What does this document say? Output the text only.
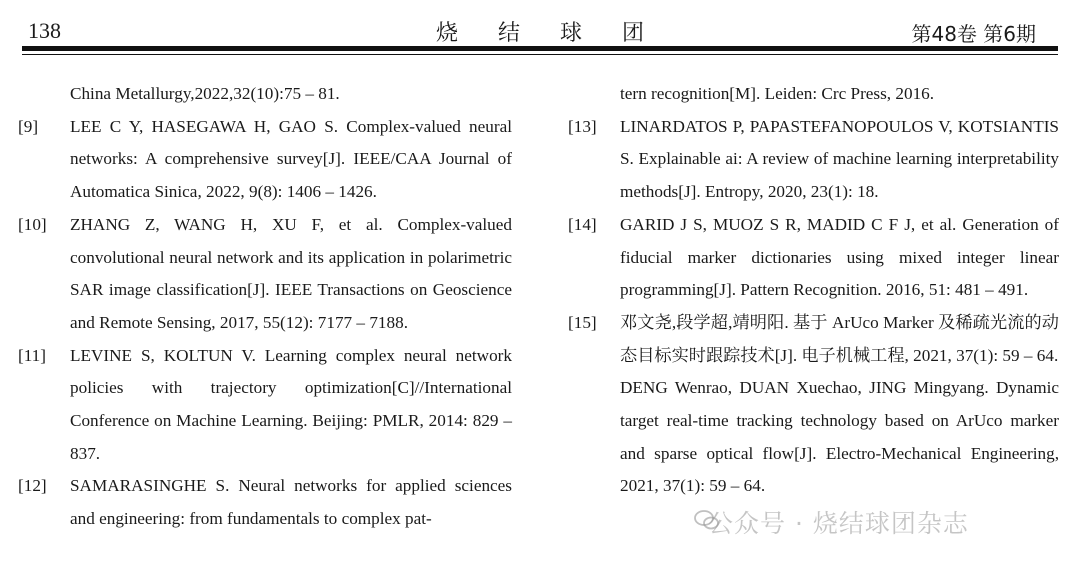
138	烧结球团	第48卷 第6期
China Metallurgy,2022,32(10):75 – 81.
[9] LEE C Y, HASEGAWA H, GAO S. Complex-valued neural networks: A comprehensive survey[J]. IEEE/CAA Journal of Automatica Sinica, 2022, 9(8): 1406 – 1426.
[10] ZHANG Z, WANG H, XU F, et al. Complex-valued convolutional neural network and its application in polarimetric SAR image classification[J]. IEEE Transactions on Geoscience and Remote Sensing, 2017, 55(12): 7177 – 7188.
[11] LEVINE S, KOLTUN V. Learning complex neural network policies with trajectory optimization[C]//International Conference on Machine Learning. Beijing: PMLR, 2014: 829 – 837.
[12] SAMARASINGHE S. Neural networks for applied sciences and engineering: from fundamentals to complex pat-
tern recognition[M]. Leiden: Crc Press, 2016.
[13] LINARDATOS P, PAPASTEFANOPOULOS V, KOTSIANTIS S. Explainable ai: A review of machine learning interpretability methods[J]. Entropy, 2020, 23(1): 18.
[14] GARID J S, MUOZ S R, MADID C F J, et al. Generation of fiducial marker dictionaries using mixed integer linear programming[J]. Pattern Recognition. 2016, 51: 481 – 491.
[15] 邓文尧,段学超,靖明阳. 基于 ArUco Marker 及稀疏光流的动态目标实时跟踪技术[J]. 电子机械工程, 2021, 37(1): 59 – 64.
DENG Wenrao, DUAN Xuechao, JING Mingyang. Dynamic target real-time tracking technology based on ArUco marker and sparse optical flow[J]. Electro-Mechanical Engineering, 2021, 37(1): 59 – 64.
公众号 · 烧结球团杂志
